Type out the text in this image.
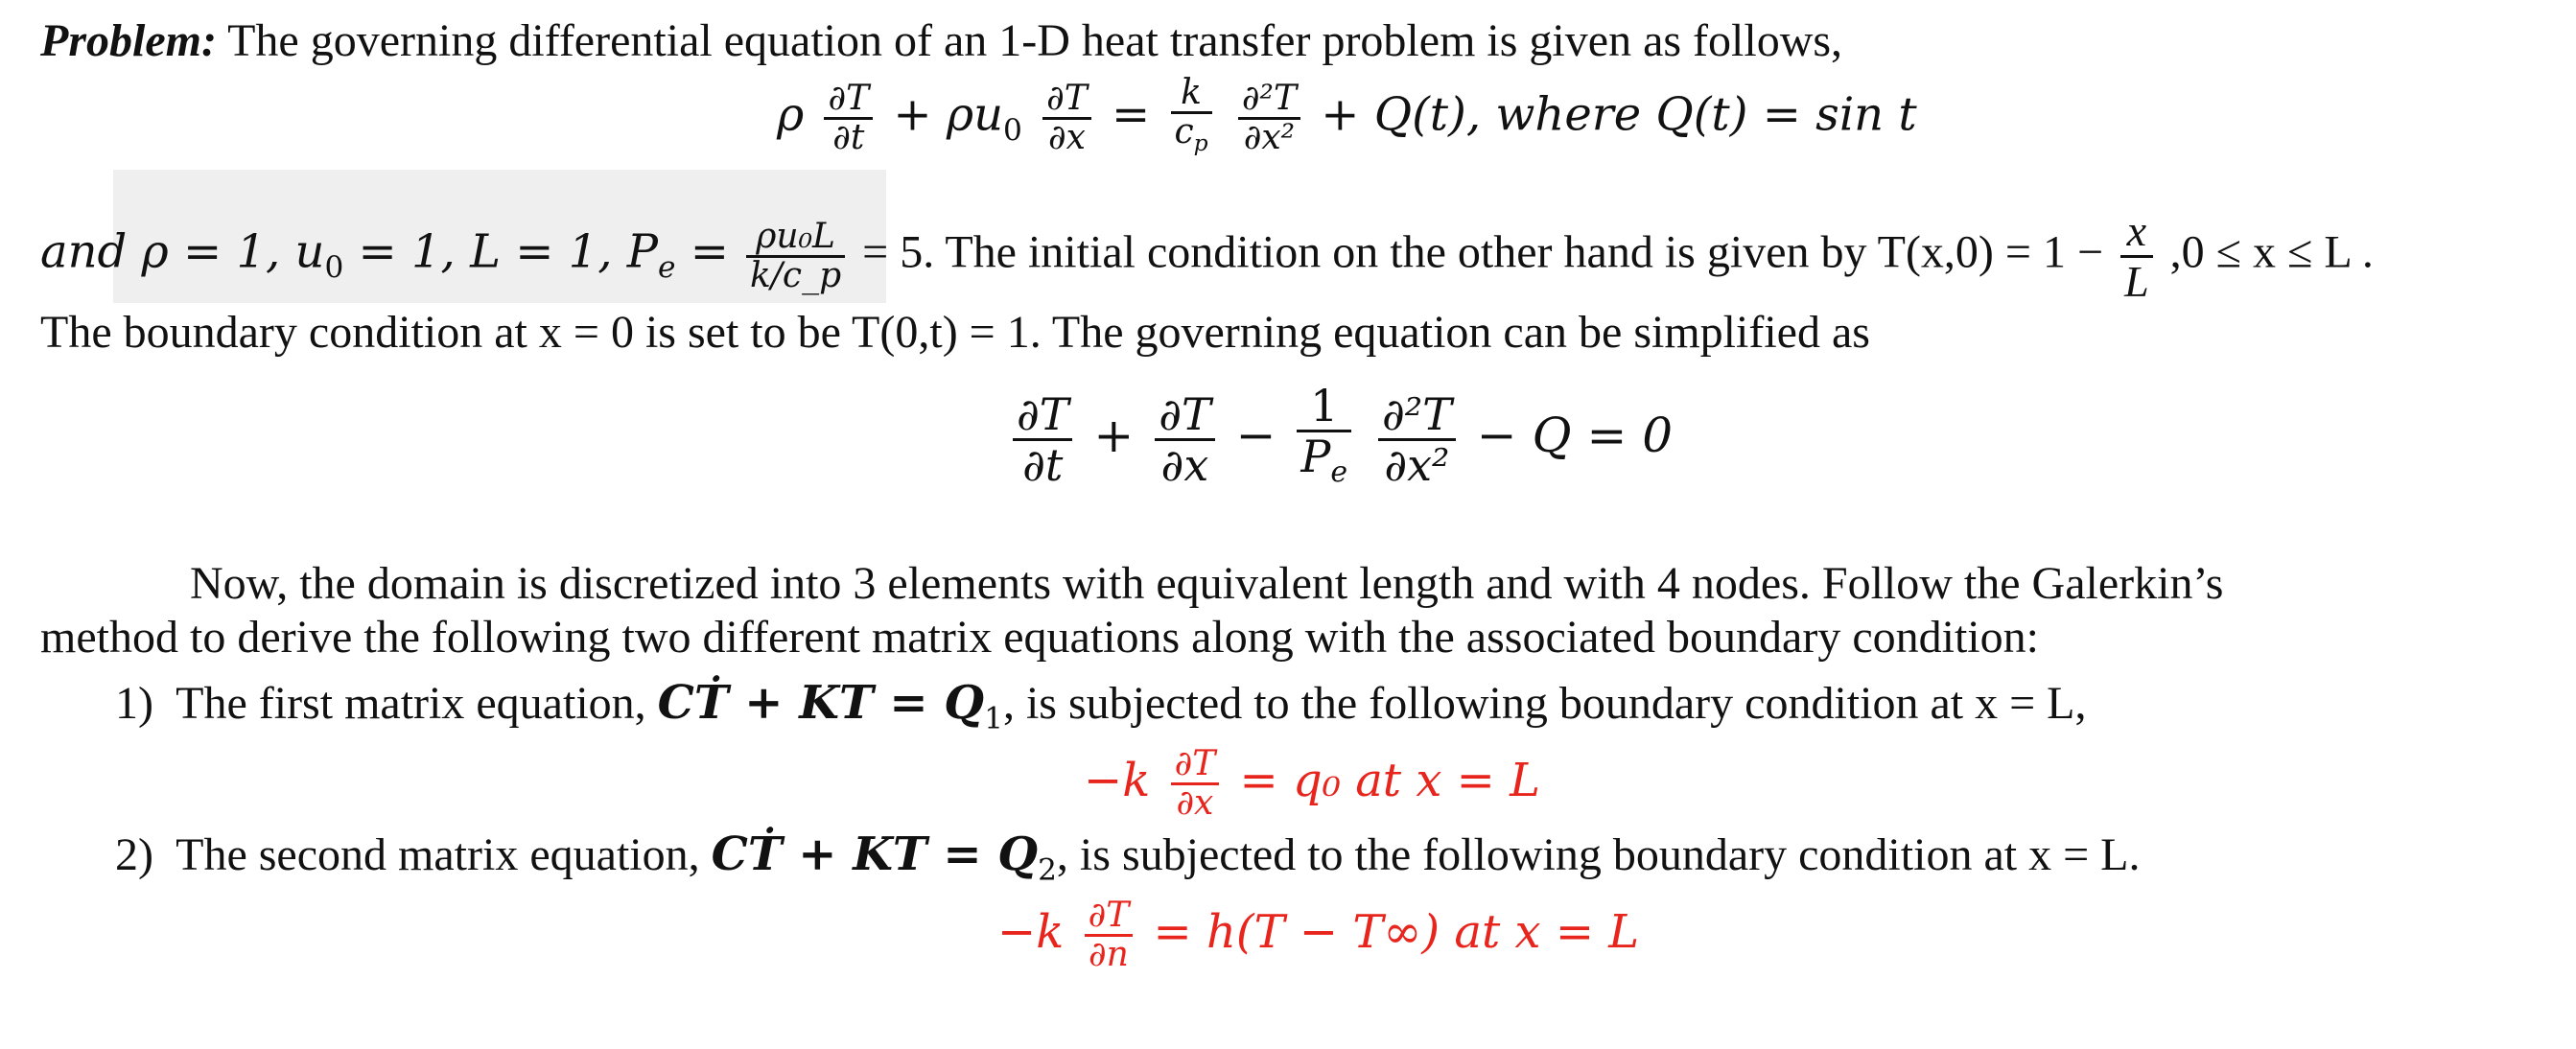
Problem: The governing differential equation of an 1-D heat transfer problem is given as follows,
ρ $\frac{\partial T}{\partial t} + \rho u_0 \frac{\partial T}{\partial x} = \frac{k}{c_p}$
$\frac{\text{∂²T}}{\text{∂x²}} + Q(t)$, where Q(t) = sin t
and ρ = 1, $u_0 = 1$, L = 1, $P_e = \frac{\text{ρu₀L}}{k/c\_p} = 5$. The initial condition on the other hand is given by $T(x,0) = 1 - \frac{x}{L} ,0 \le x \le L$ .
The boundary condition at x = 0 is set to be T(0,t) = 1. The governing equation can be simplified as
$\frac{\partial T}{\partial t} + \frac{\partial T}{\partial x} - \frac{1}{P_e}$
$\frac{\text{∂²T}}{\text{∂x²}} - Q = 0$
Now, the domain is discretized into 3 elements with equivalent length and with 4 nodes. Follow the Galerkin’s
method to derive the following two different matrix equations along with the associated boundary condition:
1) The first matrix equation, CṪ + KT = $Q_1$, is subjected to the following boundary condition at x = L,
$-k \frac{\partial T}{\partial x} = q_0$ at x = L
2) The second matrix equation, CṪ + KT = $Q_2$, is subjected to the following boundary condition at x = L.
$-k \frac{\partial T}{\partial n} = h(T - T\infty)$ at x = L
